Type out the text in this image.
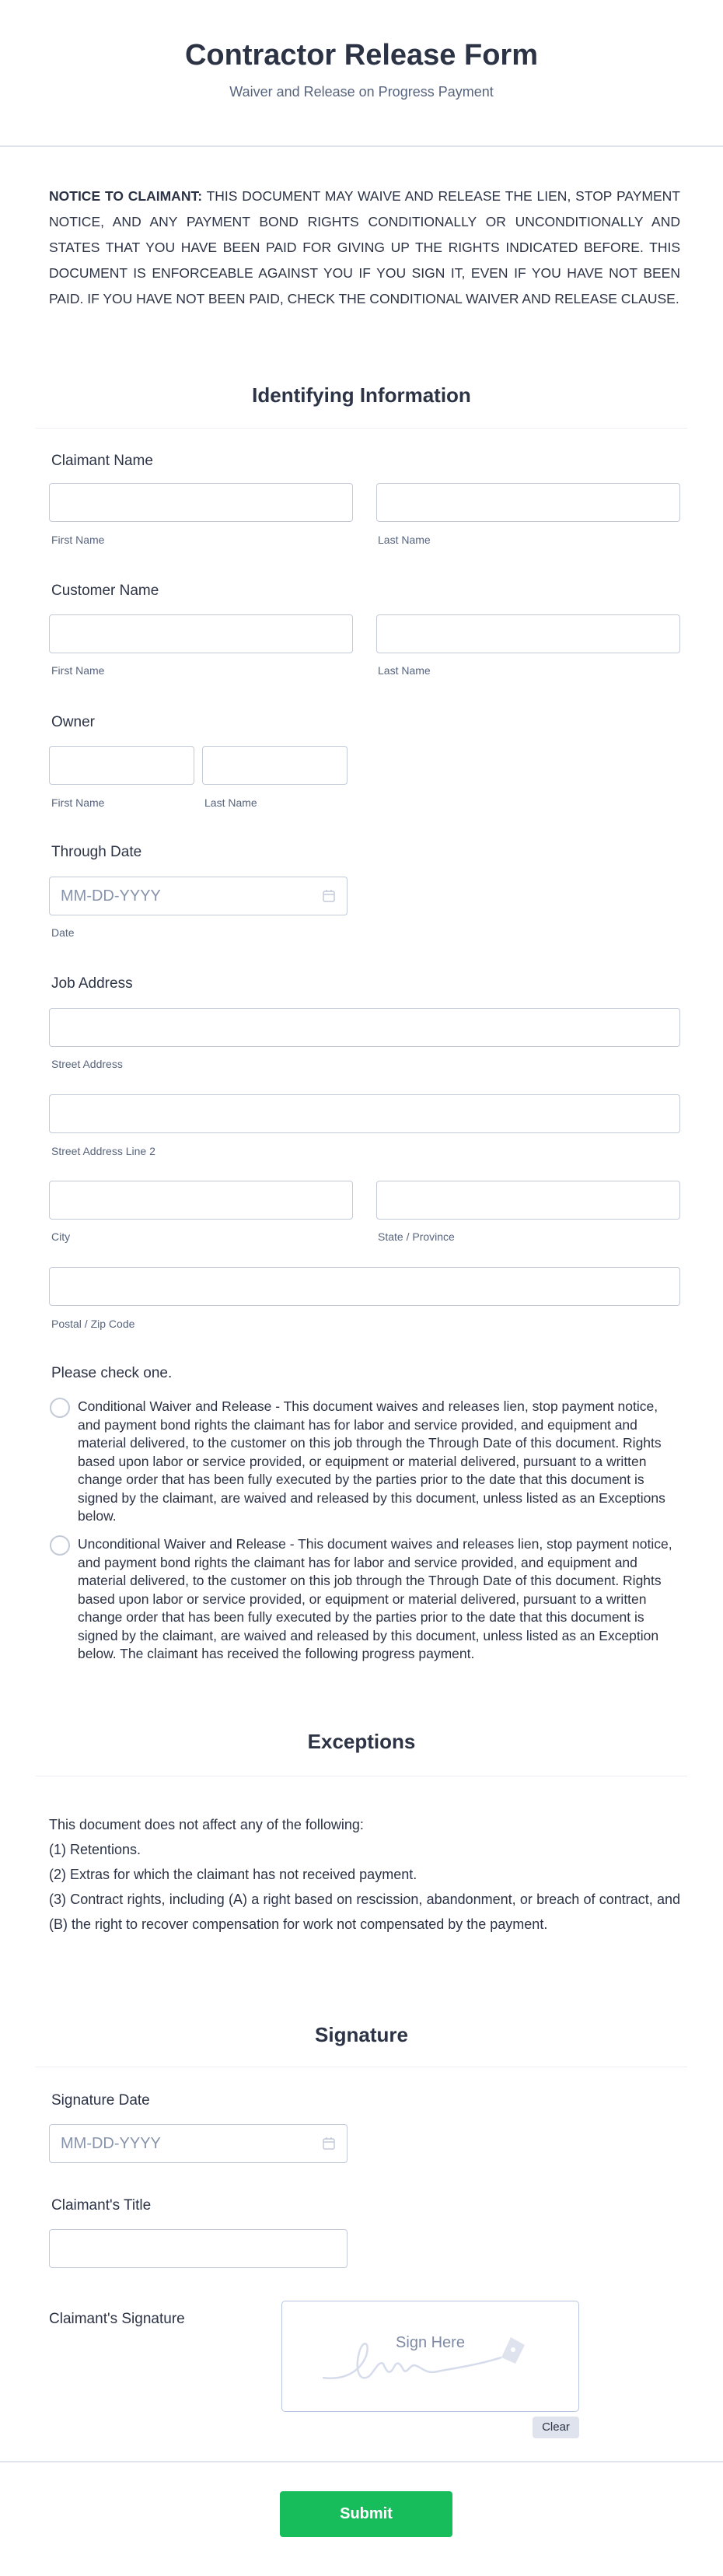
Contractor Release Form
Waiver and Release on Progress Payment
NOTICE TO CLAIMANT: THIS DOCUMENT MAY WAIVE AND RELEASE THE LIEN, STOP PAYMENT NOTICE, AND ANY PAYMENT BOND RIGHTS CONDITIONALLY OR UNCONDITIONALLY AND STATES THAT YOU HAVE BEEN PAID FOR GIVING UP THE RIGHTS INDICATED BEFORE. THIS DOCUMENT IS ENFORCEABLE AGAINST YOU IF YOU SIGN IT, EVEN IF YOU HAVE NOT BEEN PAID. IF YOU HAVE NOT BEEN PAID, CHECK THE CONDITIONAL WAIVER AND RELEASE CLAUSE.
Identifying Information
Claimant Name
First Name	Last Name
Customer Name
First Name	Last Name
Owner
First Name	Last Name
Through Date
MM-DD-YYYY
Date
Job Address
Street Address
Street Address Line 2
City	State / Province
Postal / Zip Code
Please check one.
Conditional Waiver and Release - This document waives and releases lien, stop payment notice, and payment bond rights the claimant has for labor and service provided, and equipment and material delivered, to the customer on this job through the Through Date of this document. Rights based upon labor or service provided, or equipment or material delivered, pursuant to a written change order that has been fully executed by the parties prior to the date that this document is signed by the claimant, are waived and released by this document, unless listed as an Exceptions below.
Unconditional Waiver and Release - This document waives and releases lien, stop payment notice, and payment bond rights the claimant has for labor and service provided, and equipment and material delivered, to the customer on this job through the Through Date of this document. Rights based upon labor or service provided, or equipment or material delivered, pursuant to a written change order that has been fully executed by the parties prior to the date that this document is signed by the claimant, are waived and released by this document, unless listed as an Exception below. The claimant has received the following progress payment.
Exceptions
This document does not affect any of the following:
(1) Retentions.
(2) Extras for which the claimant has not received payment.
(3) Contract rights, including (A) a right based on rescission, abandonment, or breach of contract, and (B) the right to recover compensation for work not compensated by the payment.
Signature
Signature Date
MM-DD-YYYY
Claimant's Title
Claimant's Signature
Sign Here
Clear
Submit
